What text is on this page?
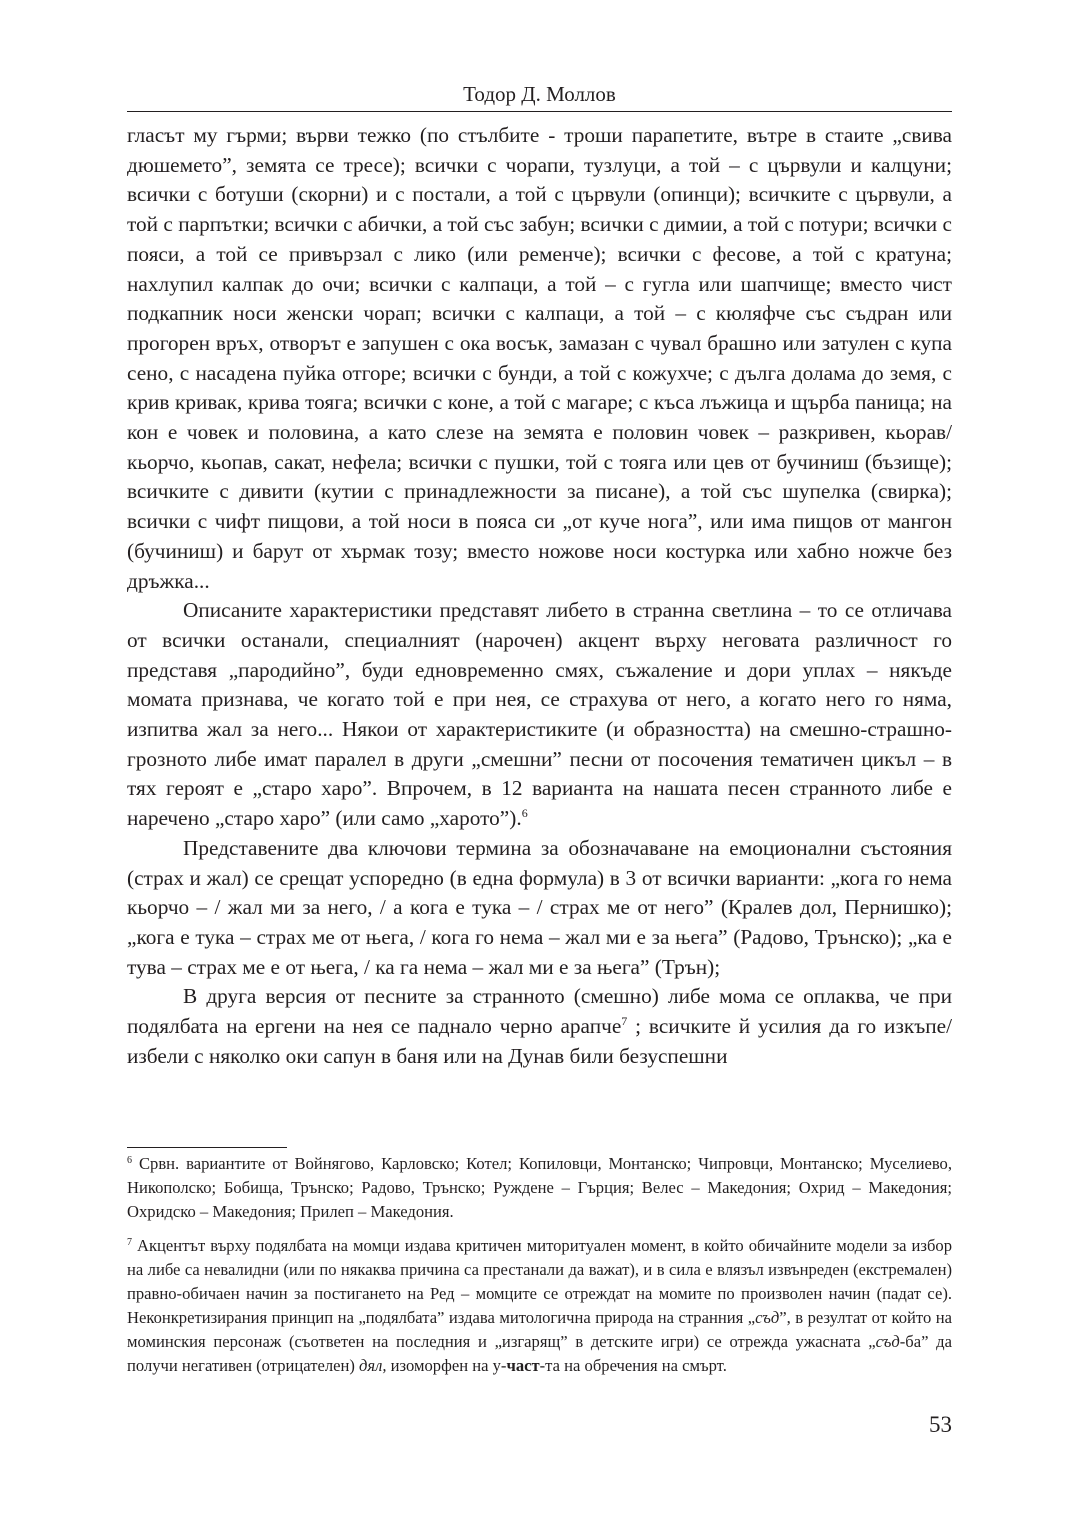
Тодор Д. Моллов

гласът му гърми; върви тежко (по стълбите - троши парапетите, вътре в стаите „свива дюшемето”, земята се тресе); всички с чорапи, тузлуци, а той – с цървули и калцуни; всички с ботуши (скорни) и с постали, а той с цървули (опинци); всичките с цървули, а той с парпътки; всички с абички, а той със забун; всички с димии, а той с потури; всички с пояси, а той се привързал с лико (или ременче); всички с фесове, а той с кратуна; нахлупил калпак до очи; всички с калпаци, а той – с гугла или шапчище; вместо чист подкапник носи женски чорап; всички с калпаци, а той – с кюляфче със съдран или прогорен връх, отворът е запушен с ока восък, замазан с чувал брашно или затулен с купа сено, с насадена пуйка отгоре; всички с бунди, а той с кожухче; с дълга долама до земя, с крив кривак, крива тояга; всички с коне, а той с магаре; с къса лъжица и щърба паница; на кон е човек и половина, а като слезе на земята е половин човек – разкривен, кьорав/кьорчо, кьопав, сакат, нефела; всички с пушки, той с тояга или цев от бучиниш (бъзище); всичките с дивити (кутии с принадлежности за писане), а той със шупелка (свирка); всички с чифт пищови, а той носи в пояса си „от куче нога”, или има пищов от мангон (бучиниш) и барут от хърмак тозу; вместо ножове носи костурка или хабно ножче без дръжка...

Описаните характеристики представят либето в странна светлина – то се отличава от всички останали, специалният (нарочен) акцент върху неговата различност го представя „пародийно”, буди едновременно смях, съжаление и дори уплах – някъде момата признава, че когато той е при нея, се страхува от него, а когато него го няма, изпитва жал за него... Някои от характеристиките (и образността) на смешно-страшно-грозното либе имат паралел в други „смешни” песни от посочения тематичен цикъл – в тях героят е „старо харо”. Впрочем, в 12 варианта на нашата песен странното либе е наречено „старо харо” (или само „харото”).$^6$

Представените два ключови термина за обозначаване на емоционални състояния (страх и жал) се срещат успоредно (в една формула) в 3 от всички варианти: „кога го нема кьорчо – / жал ми за него, / а кога е тука – / страх ме от него” (Кралев дол, Пернишко); „кога е тука – страх ме от њега, / кога го нема – жал ми е за њега” (Радово, Трънско); „ка е тува – страх ме е от њега, / ка га нема – жал ми е за њега” (Трън);

В друга версия от песните за странното (смешно) либе мома се оплаква, че при подялбата на ергени на нея се паднало черно арапче$^7$ ; всичките й усилия да го изкъпе/избели с няколко оки сапун в баня или на Дунав били безуспешни

$^6$ Срвн. вариантите от Войнягово, Карловско; Котел; Копиловци, Монтанско; Чипровци, Монтанско; Муселиево, Никополско; Бобища, Трънско; Радово, Трънско; Руждене – Гърция; Велес – Македония; Охрид – Македония; Охридско – Македония; Прилеп – Македония.

$^7$ Акцентът върху подялбата на момци издава критичен миторитуален момент, в който обичайните модели за избор на либе са невалидни (или по някаква причина са престанали да важат), и в сила е влязъл извънреден (екстремален) правно-обичаен начин за постигането на Ред – момците се отреждат на момите по произволен начин (падат се). Неконкретизирания принцип на „подялбата” издава митологична природа на странния „съд”, в резултат от който на моминския персонаж (съответен на последния и „изгарящ” в детските игри) се отрежда ужасната „съд-ба” да получи негативен (отрицателен) дял, изоморфен на у-част-та на обречения на смърт.

53
